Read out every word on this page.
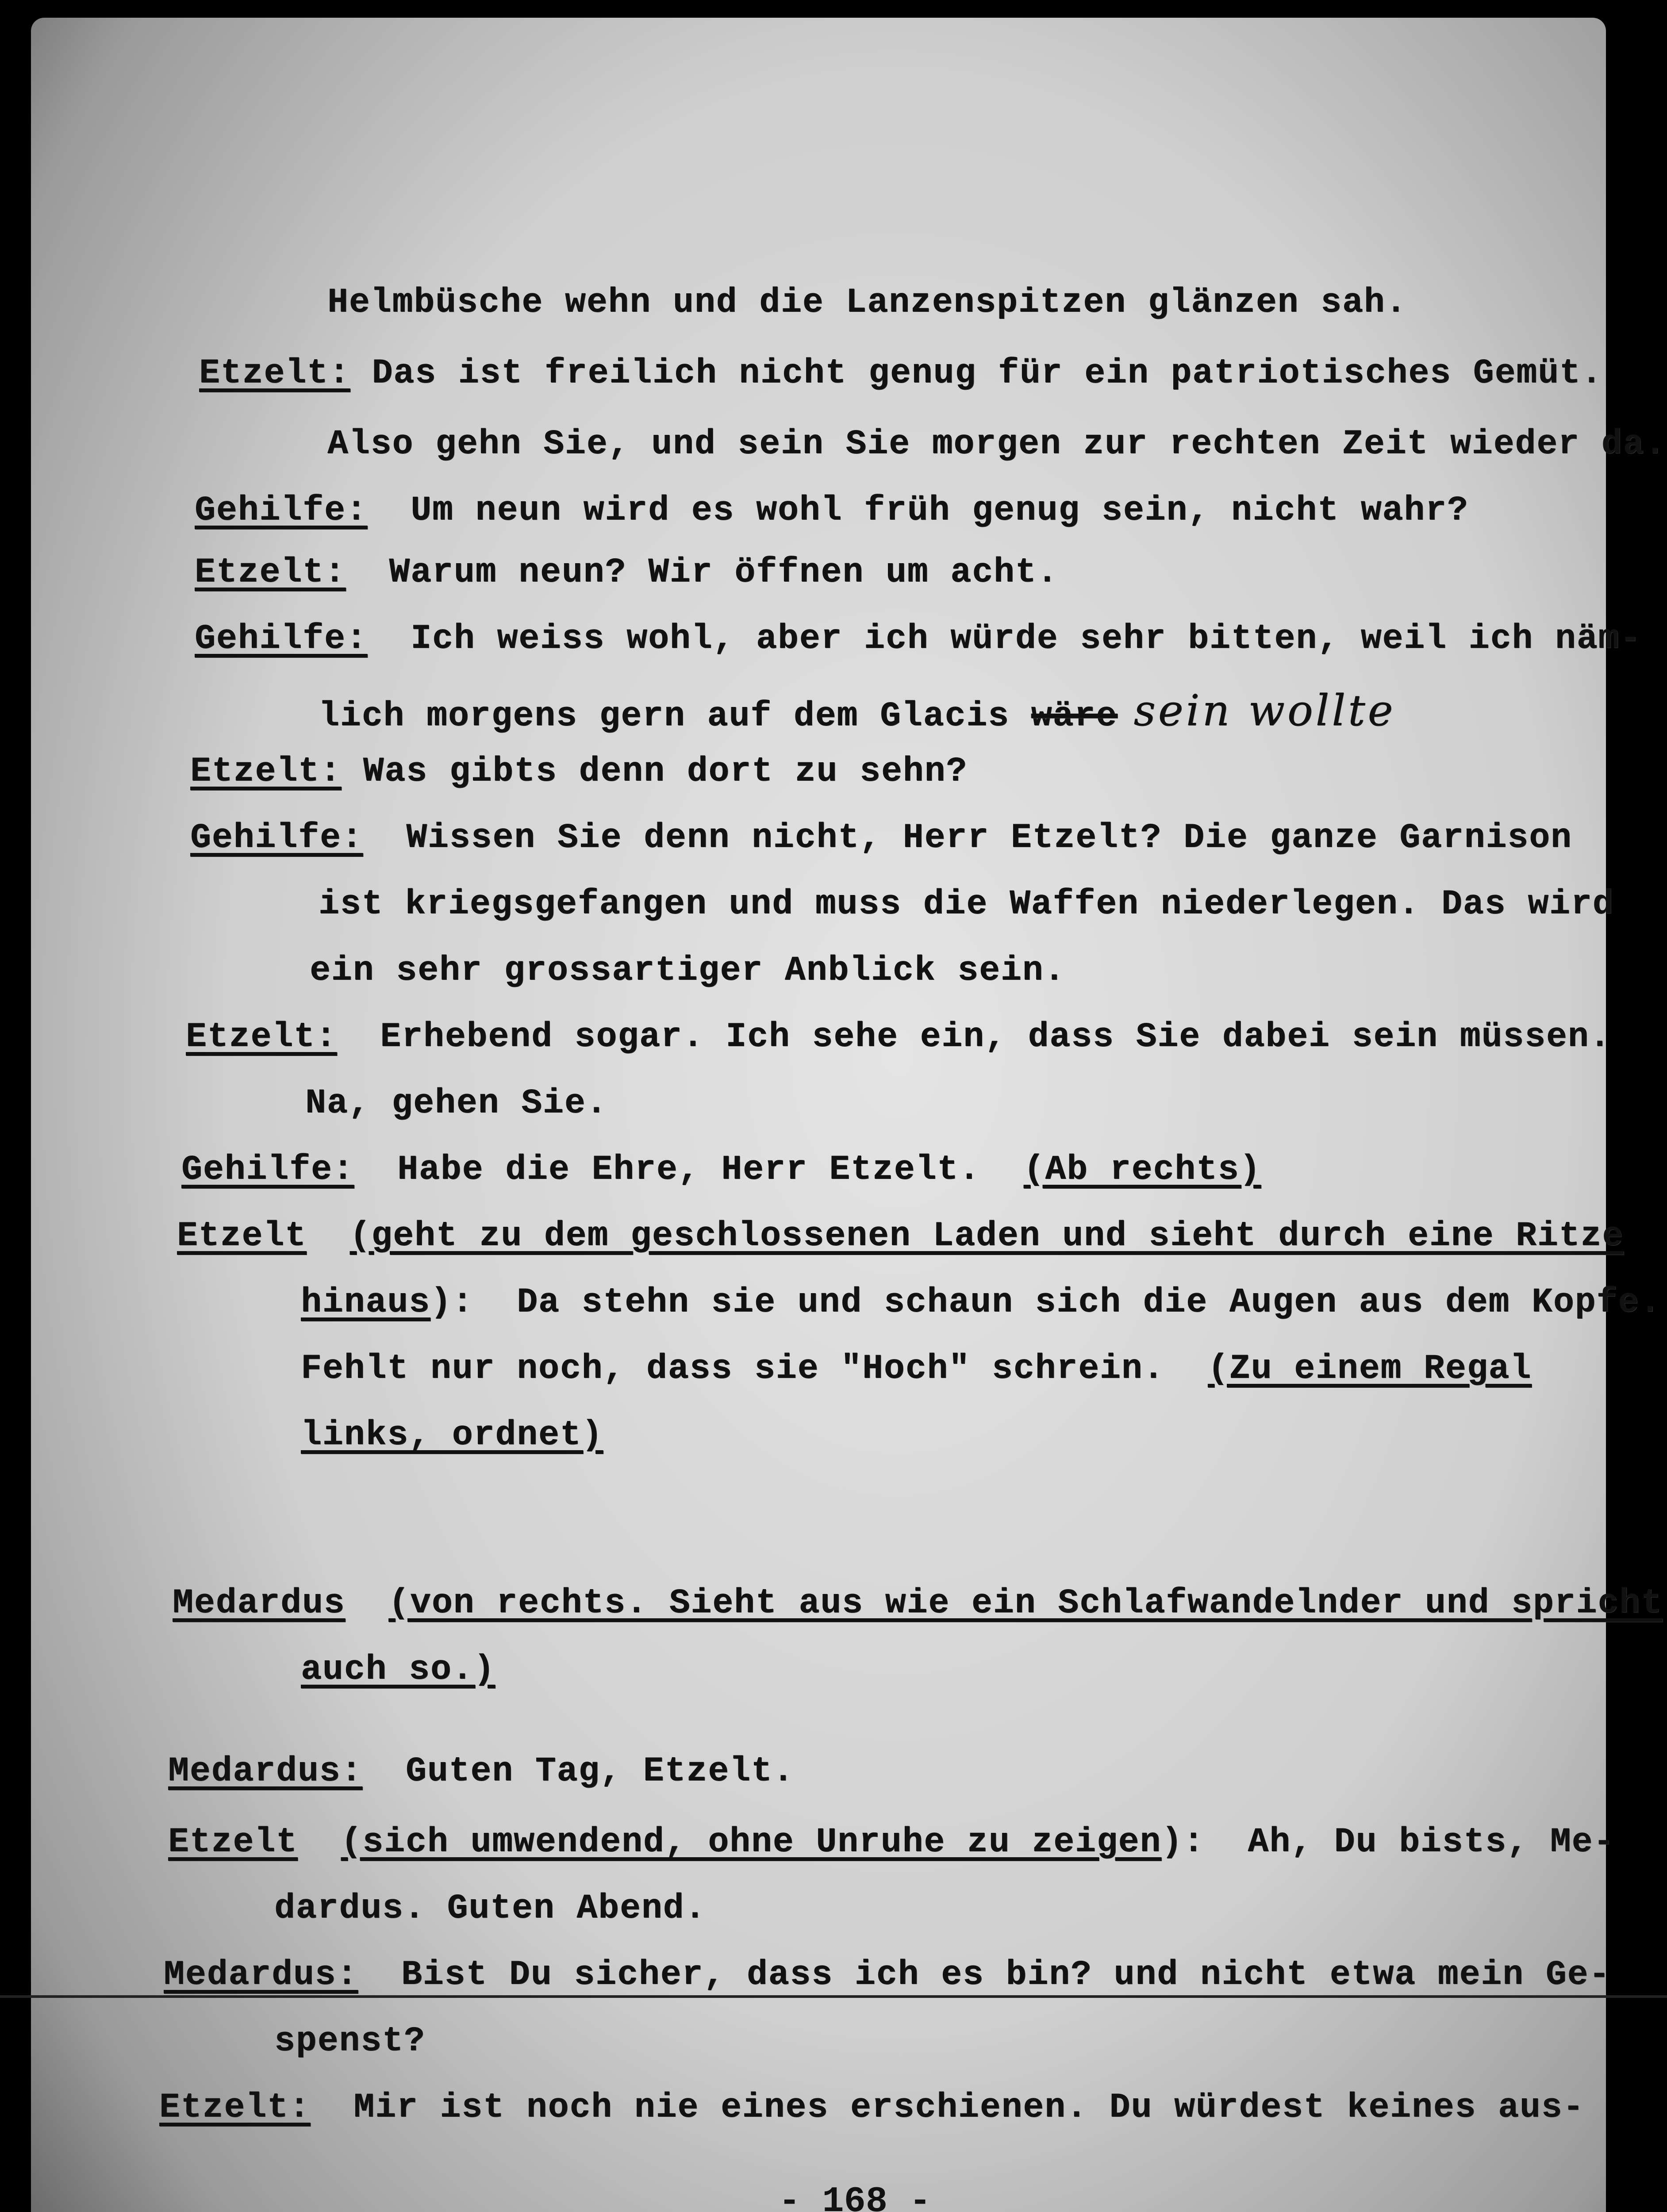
Helmbüsche wehn und die Lanzenspitzen glänzen sah.
Etzelt: Das ist freilich nicht genug für ein patriotisches Gemüt.
Also gehn Sie, und sein Sie morgen zur rechten Zeit wieder da.
Gehilfe:  Um neun wird es wohl früh genug sein, nicht wahr?
Etzelt:  Warum neun? Wir öffnen um acht.
Gehilfe:  Ich weiss wohl, aber ich würde sehr bitten, weil ich näm-
lich morgens gern auf dem Glacis wäre sein wollte
Etzelt: Was gibts denn dort zu sehn?
Gehilfe:  Wissen Sie denn nicht, Herr Etzelt? Die ganze Garnison
ist kriegsgefangen und muss die Waffen niederlegen. Das wird
ein sehr grossartiger Anblick sein.
Etzelt:  Erhebend sogar. Ich sehe ein, dass Sie dabei sein müssen.
Na, gehen Sie.
Gehilfe:  Habe die Ehre, Herr Etzelt.  (Ab rechts)
Etzelt (geht zu dem geschlossenen Laden und sieht durch eine Ritze
hinaus):  Da stehn sie und schaun sich die Augen aus dem Kopfe.
Fehlt nur noch, dass sie "Hoch" schrein.  (Zu einem Regal
links, ordnet)
Medardus (von rechts. Sieht aus wie ein Schlafwandelnder und spricht
auch so.)
Medardus:  Guten Tag, Etzelt.
Etzelt (sich umwendend, ohne Unruhe zu zeigen):  Ah, Du bists, Me-
dardus. Guten Abend.
Medardus:  Bist Du sicher, dass ich es bin? und nicht etwa mein Ge-
spenst?
Etzelt:  Mir ist noch nie eines erschienen. Du würdest keines aus-
- 168 -
